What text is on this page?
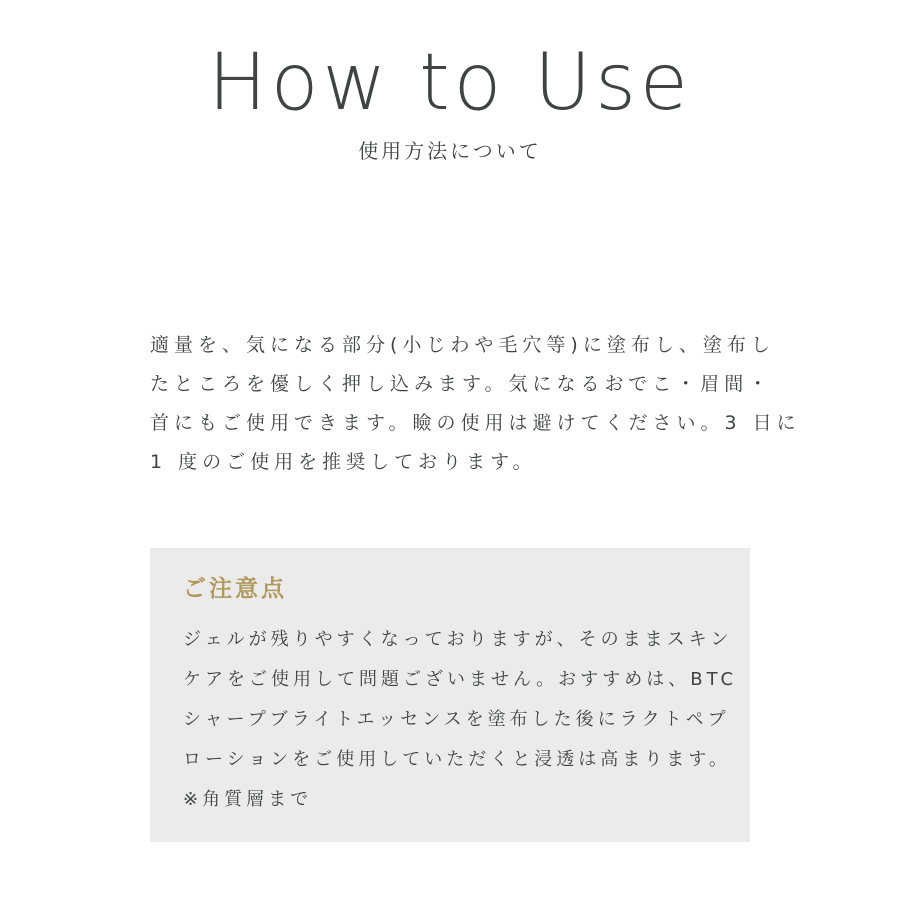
How to Use

使用方法について

適量を、気になる部分(小じわや毛穴等)に塗布し、塗布し
たところを優しく押し込みます。気になるおでこ・眉間・
首にもご使用できます。瞼の使用は避けてください。3 日に
1 度のご使用を推奨しております。

ご注意点

ジェルが残りやすくなっておりますが、そのままスキン
ケアをご使用して問題ございません。おすすめは、BTC
シャープブライトエッセンスを塗布した後にラクトペプ
ローションをご使用していただくと浸透は高まります。
※角質層まで
